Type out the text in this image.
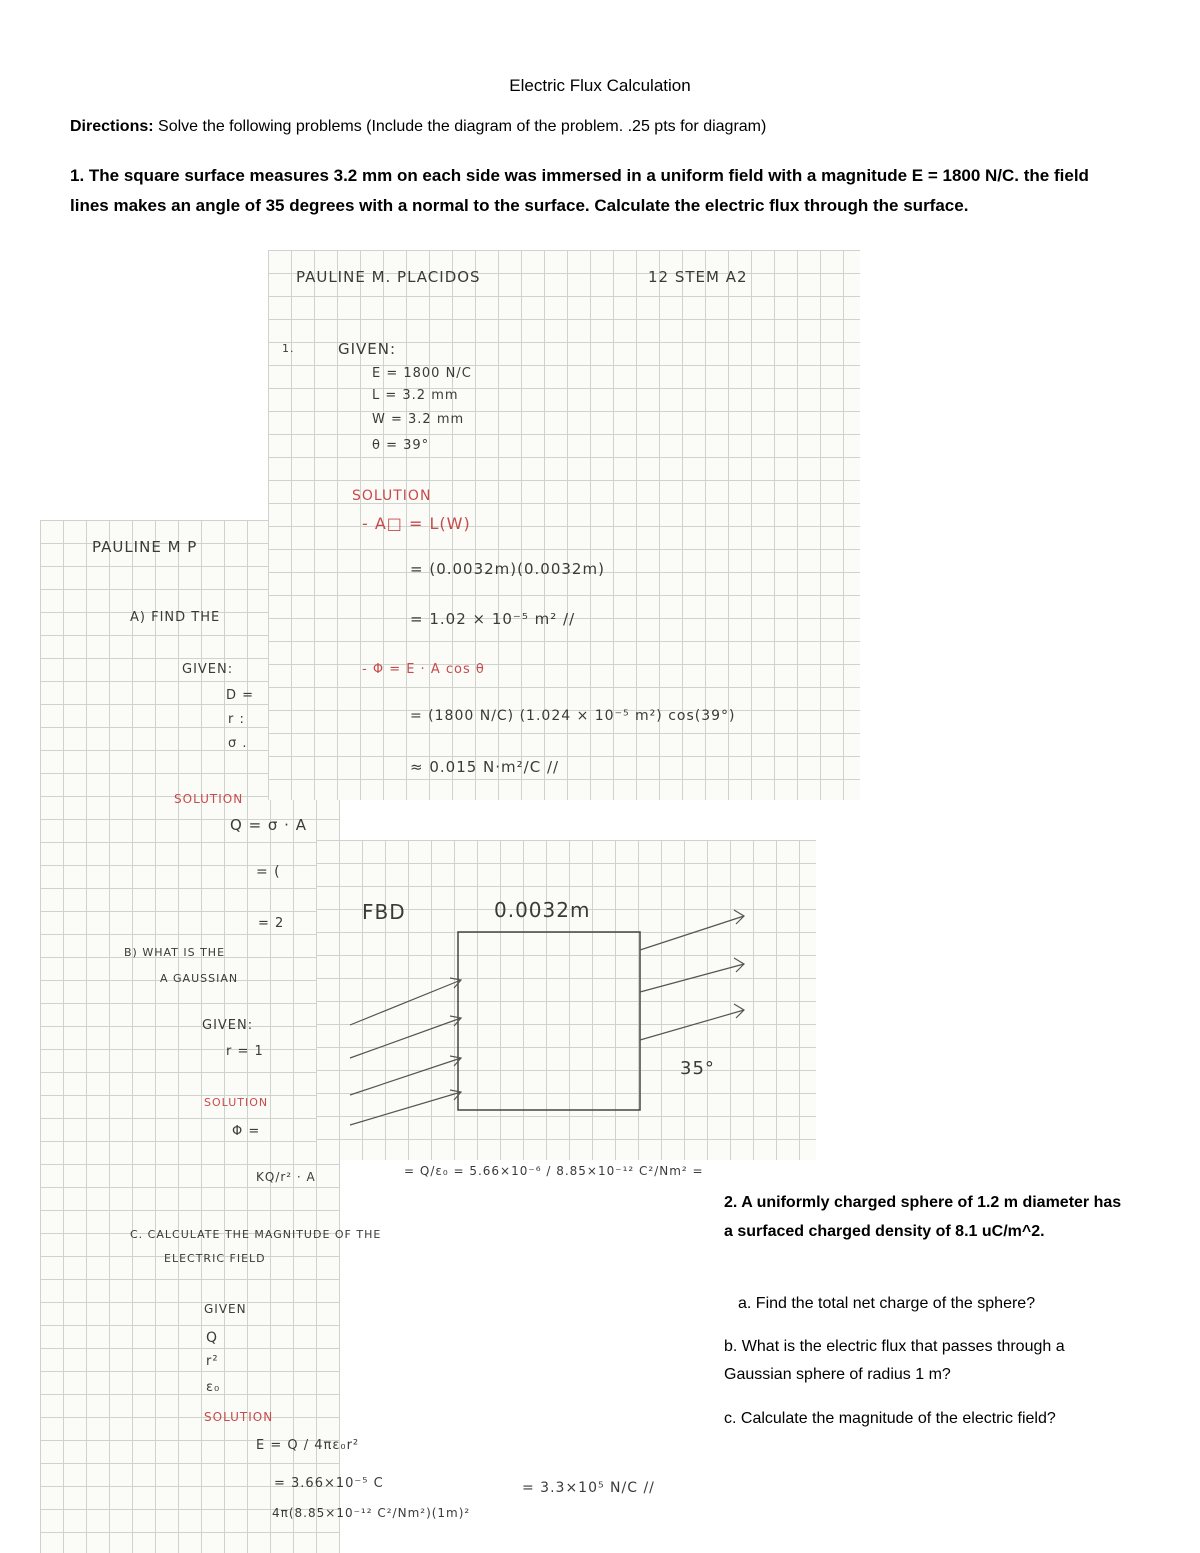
Electric Flux Calculation
Directions: Solve the following problems (Include the diagram of the problem. .25 pts for diagram)
1. The square surface measures 3.2 mm on each side was immersed in a uniform field with a magnitude E = 1800 N/C. the field lines makes an angle of 35 degrees with a normal to the surface. Calculate the electric flux through the surface.
PAULINE M. PLACIDOS	12 STEM A2
1.	GIVEN:
E = 1800 N/C
L = 3.2 mm
W = 3.2 mm
θ = 39°
SOLUTION
- A□ = L(W)
= (0.0032m)(0.0032m)
= 1.02 × 10⁻⁵ m² //
- Φ = E · A cos θ
= (1800 N/C) (1.024 × 10⁻⁵ m²) cos(39°)
≈ 0.015 N·m²/C //
PAULINE M P
A) FIND THE
GIVEN:
D =
r :
σ .
SOLUTION
Q = σ · A
= (
= 2
B) WHAT IS THE
A GAUSSIAN
GIVEN:
r = 1
SOLUTION
Φ =
KQ/r² · A	= Q/ε₀ = 5.66×10⁻⁶ / 8.85×10⁻¹² C²/Nm² =
C. CALCULATE THE MAGNITUDE OF THE
ELECTRIC FIELD
GIVEN
Q
r²
ε₀
SOLUTION
E = Q / 4πε₀r²
= 3.66×10⁻⁵ C
4π(8.85×10⁻¹² C²/Nm²)(1m)²
= 3.3×10⁵ N/C //
FBD	0.0032m
35°
2. A uniformly charged sphere of 1.2 m diameter has a surfaced charged density of 8.1 uC/m^2.
a. Find the total net charge of the sphere?
b. What is the electric flux that passes through a Gaussian sphere of radius 1 m?
c. Calculate the magnitude of the electric field?
